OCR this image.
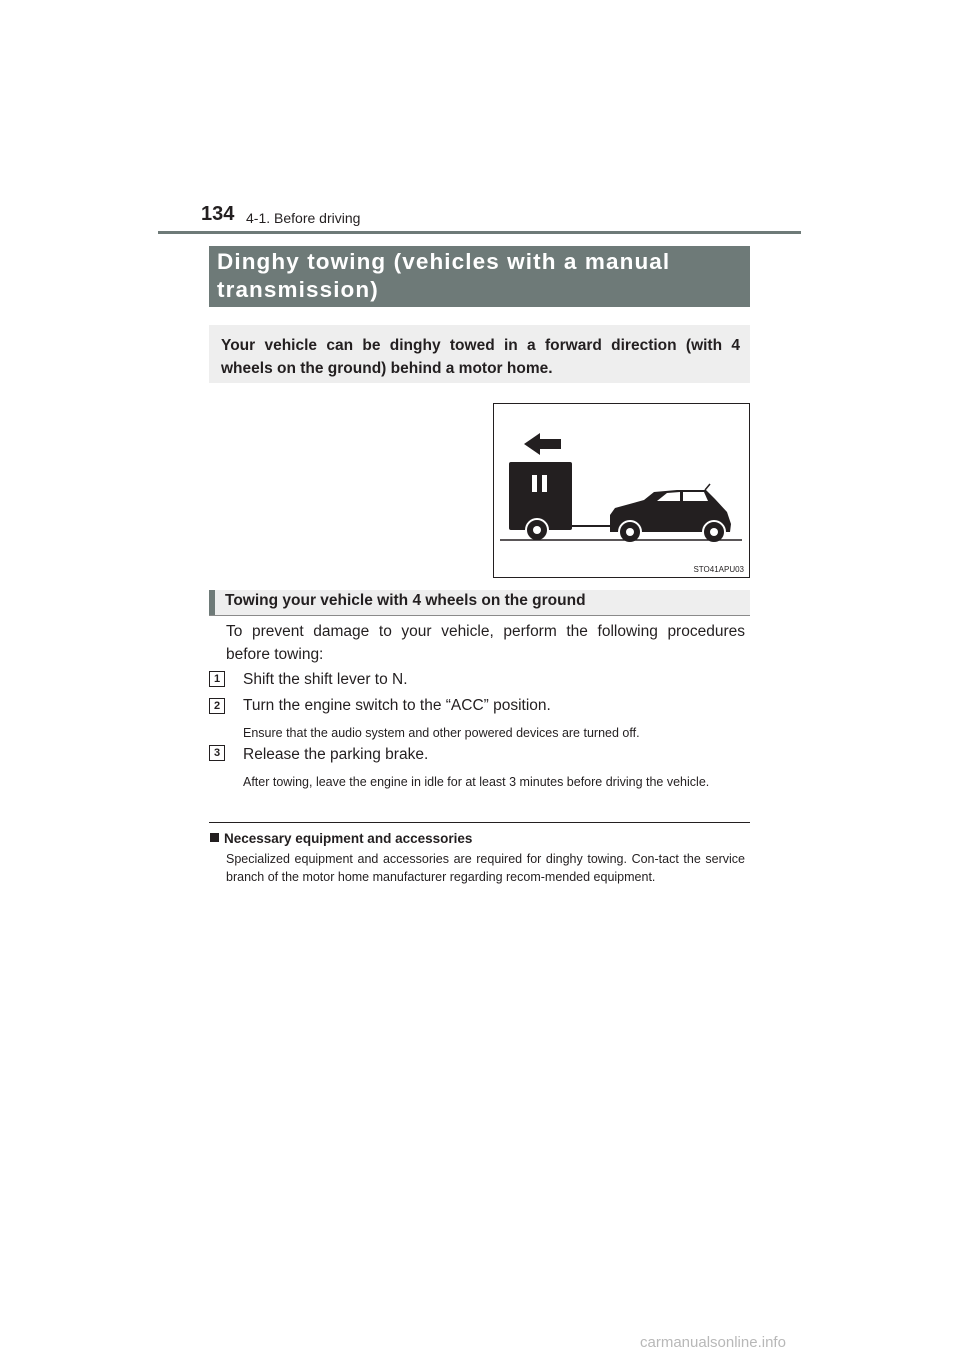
134 4-1. Before driving
Dinghy towing (vehicles with a manual transmission)
Your vehicle can be dinghy towed in a forward direction (with 4 wheels on the ground) behind a motor home.
STO41APU03
Towing your vehicle with 4 wheels on the ground
To prevent damage to your vehicle, perform the following procedures before towing:
1	Shift the shift lever to N.
2	Turn the engine switch to the “ACC” position.
Ensure that the audio system and other powered devices are turned off.
3	Release the parking brake.
After towing, leave the engine in idle for at least 3 minutes before driving the vehicle.
Necessary equipment and accessories
Specialized equipment and accessories are required for dinghy towing. Con-tact the service branch of the motor home manufacturer regarding recom-mended equipment.
carmanualsonline.info
